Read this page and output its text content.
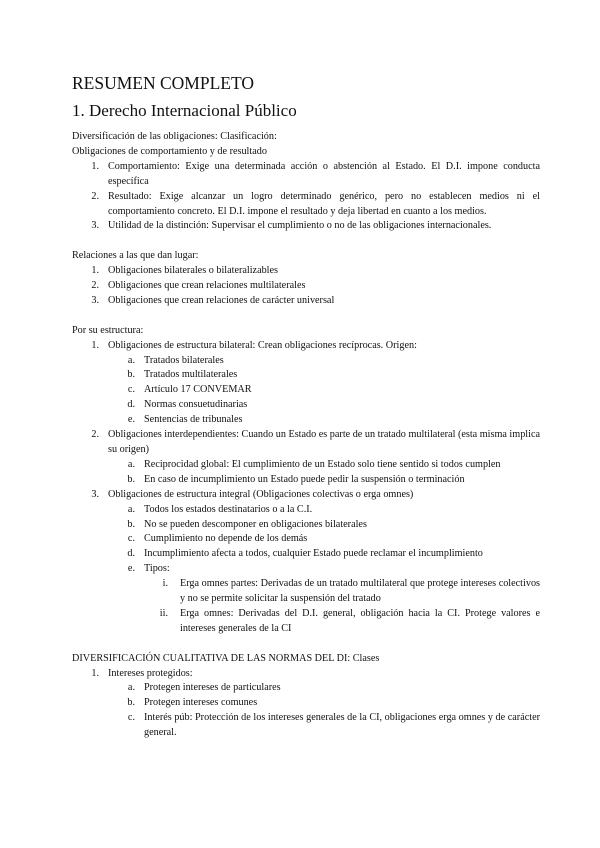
RESUMEN COMPLETO
1. Derecho Internacional Público

Diversificación de las obligaciones: Clasificación:

Obligaciones de comportamiento y de resultado

1. Comportamiento: Exige una determinada acción o abstención al Estado. El D.I. impone conducta específica
2. Resultado: Exige alcanzar un logro determinado genérico, pero no establecen medios ni el comportamiento concreto. El D.I. impone el resultado y deja libertad en cuanto a los medios.
3. Utilidad de la distinción: Supervisar el cumplimiento o no de las obligaciones internacionales.

Relaciones a las que dan lugar:

1. Obligaciones bilaterales o bilateralizables
2. Obligaciones que crean relaciones multilaterales
3. Obligaciones que crean relaciones de carácter universal

Por su estructura:

1. Obligaciones de estructura bilateral: Crean obligaciones recíprocas. Origen:
a. Tratados bilaterales
b. Tratados multilaterales
c. Artículo 17 CONVEMAR
d. Normas consuetudinarias
e. Sentencias de tribunales
2. Obligaciones interdependientes: Cuando un Estado es parte de un tratado multilateral (esta misma implica su origen)
a. Reciprocidad global: El cumplimiento de un Estado solo tiene sentido si todos cumplen
b. En caso de incumplimiento un Estado puede pedir la suspensión o terminación
3. Obligaciones de estructura integral (Obligaciones colectivas o erga omnes)
a. Todos los estados destinatarios o a la C.I.
b. No se pueden descomponer en obligaciones bilaterales
c. Cumplimiento no depende de los demás
d. Incumplimiento afecta a todos, cualquier Estado puede reclamar el incumplimiento
e. Tipos:
i.	Erga omnes partes: Derivadas de un tratado multilateral que protege intereses colectivos y no se permite solicitar la suspensión del tratado
ii.	Erga omnes: Derivadas del D.I. general, obligación hacia la CI. Protege valores e intereses generales de la CI

DIVERSIFICACIÓN CUALITATIVA DE LAS NORMAS DEL DI: Clases

1. Intereses protegidos:
a. Protegen intereses de particulares
b. Protegen intereses comunes
c. Interés púb: Protección de los intereses generales de la CI, obligaciones erga omnes y de carácter general.
